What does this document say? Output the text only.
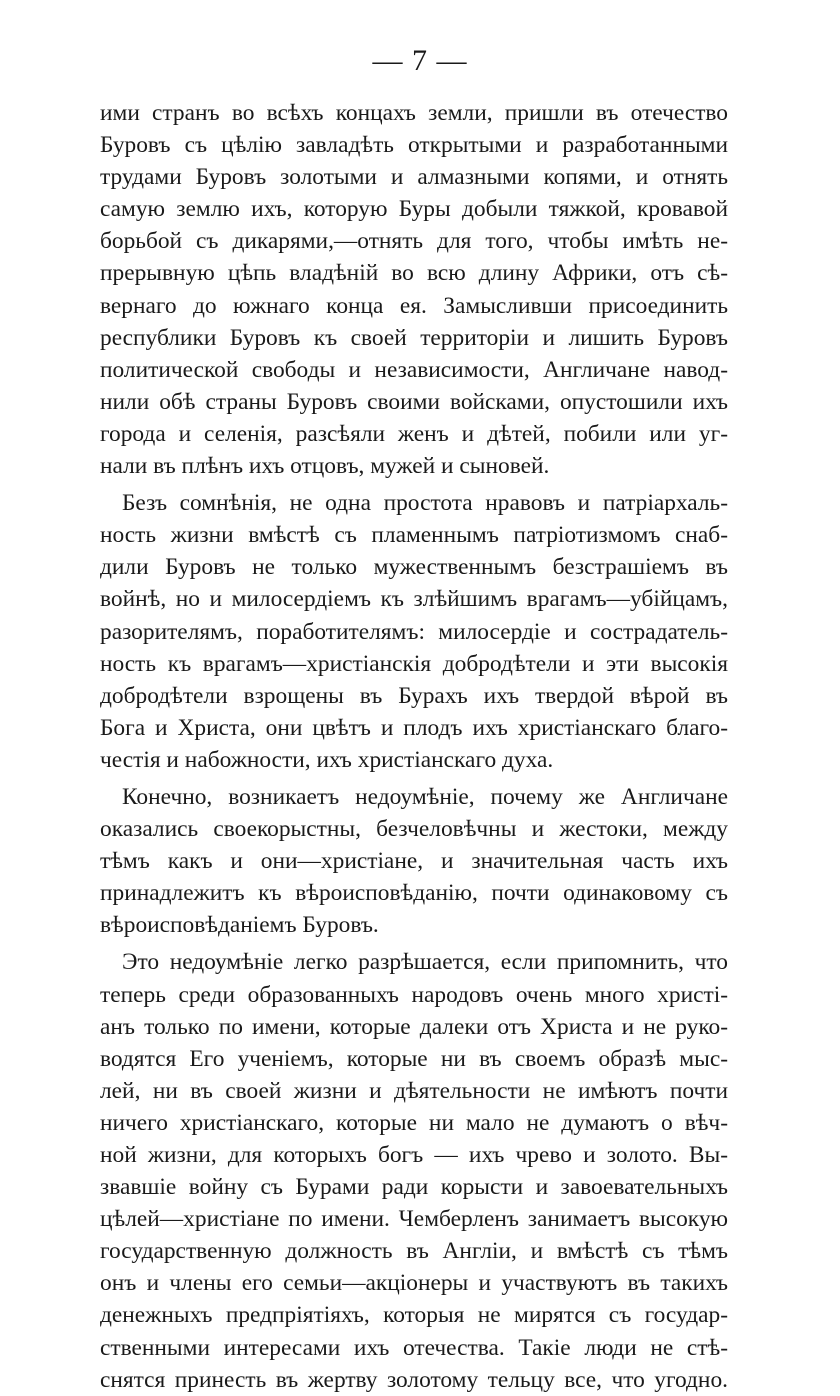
— 7 —
ими странъ во всѣхъ концахъ земли, пришли въ отечество
Буровъ съ цѣлію завладѣть открытыми и разработанными
трудами Буровъ золотыми и алмазными копями, и отнять
самую землю ихъ, которую Буры добыли тяжкой, кровавой
борьбой съ дикарями,—отнять для того, чтобы имѣть не-
прерывную цѣпь владѣній во всю длину Африки, отъ сѣ-
вернаго до южнаго конца ея. Замысливши присоединить
республики Буровъ къ своей территоріи и лишить Буровъ
политической свободы и независимости, Англичане навод-
нили обѣ страны Буровъ своими войсками, опустошили ихъ
города и селенія, разсѣяли женъ и дѣтей, побили или уг-
нали въ плѣнъ ихъ отцовъ, мужей и сыновей.
Безъ сомнѣнія, не одна простота нравовъ и патріархаль-
ность жизни вмѣстѣ съ пламеннымъ патріотизмомъ снаб-
дили Буровъ не только мужественнымъ безстрашіемъ въ
войнѣ, но и милосердіемъ къ злѣйшимъ врагамъ—убійцамъ,
разорителямъ, поработителямъ: милосердіе и сострадатель-
ность къ врагамъ—христіанскія добродѣтели и эти высокія
добродѣтели взрощены въ Бурахъ ихъ твердой вѣрой въ
Бога и Христа, они цвѣтъ и плодъ ихъ христіанскаго благо-
честія и набожности, ихъ христіанскаго духа.
Конечно, возникаетъ недоумѣніе, почему же Англичане
оказались своекорыстны, безчеловѣчны и жестоки, между
тѣмъ какъ и они—христіане, и значительная часть ихъ
принадлежитъ къ вѣроисповѣданію, почти одинаковому съ
вѣроисповѣданіемъ Буровъ.
Это недоумѣніе легко разрѣшается, если припомнить, что
теперь среди образованныхъ народовъ очень много христі-
анъ только по имени, которые далеки отъ Христа и не руко-
водятся Его ученіемъ, которые ни въ своемъ образѣ мыс-
лей, ни въ своей жизни и дѣятельности не имѣютъ почти
ничего христіанскаго, которые ни мало не думаютъ о вѣч-
ной жизни, для которыхъ богъ — ихъ чрево и золото. Вы-
звавшіе войну съ Бурами ради корысти и завоевательныхъ
цѣлей—христіане по имени. Чемберленъ занимаетъ высокую
государственную должность въ Англіи, и вмѣстѣ съ тѣмъ
онъ и члены его семьи—акціонеры и участвуютъ въ такихъ
денежныхъ предпріятіяхъ, которыя не мирятся съ государ-
ственными интересами ихъ отечества. Такіе люди не стѣ-
снятся принесть въ жертву золотому тельцу все, что угодно.
